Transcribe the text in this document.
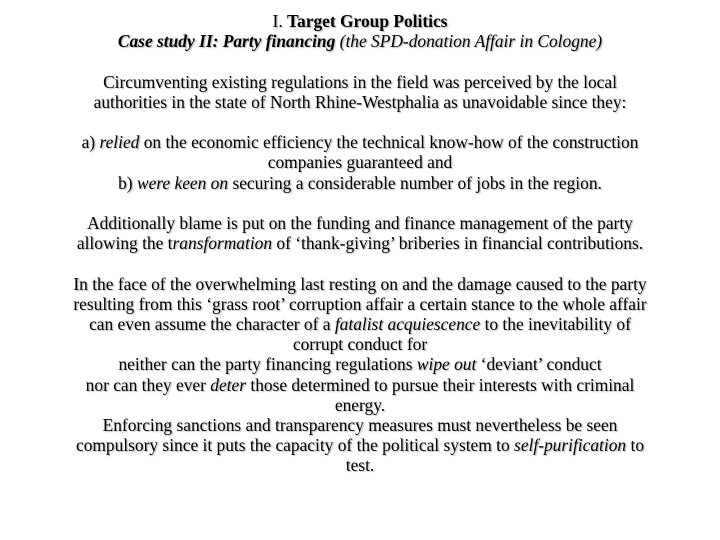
I. Target Group Politics
Case study II: Party financing (the SPD-donation Affair in Cologne)
Circumventing existing regulations in the field was perceived by the local
authorities in the state of North Rhine-Westphalia as unavoidable since they:
a) relied on the economic efficiency the technical know-how of the construction
companies guaranteed and
b) were keen on securing a considerable number of jobs in the region.
Additionally blame is put on the funding and finance management of the party
allowing the transformation of ‘thank-giving’ briberies in financial contributions.
In the face of the overwhelming last resting on and the damage caused to the party
resulting from this ‘grass root’ corruption affair a certain stance to the whole affair
can even assume the character of a fatalist acquiescence to the inevitability of
corrupt conduct for
neither can the party financing regulations wipe out ‘deviant’ conduct
nor can they ever deter those determined to pursue their interests with criminal
energy.
Enforcing sanctions and transparency measures must nevertheless be seen
compulsory since it puts the capacity of the political system to self-purification to
test.
